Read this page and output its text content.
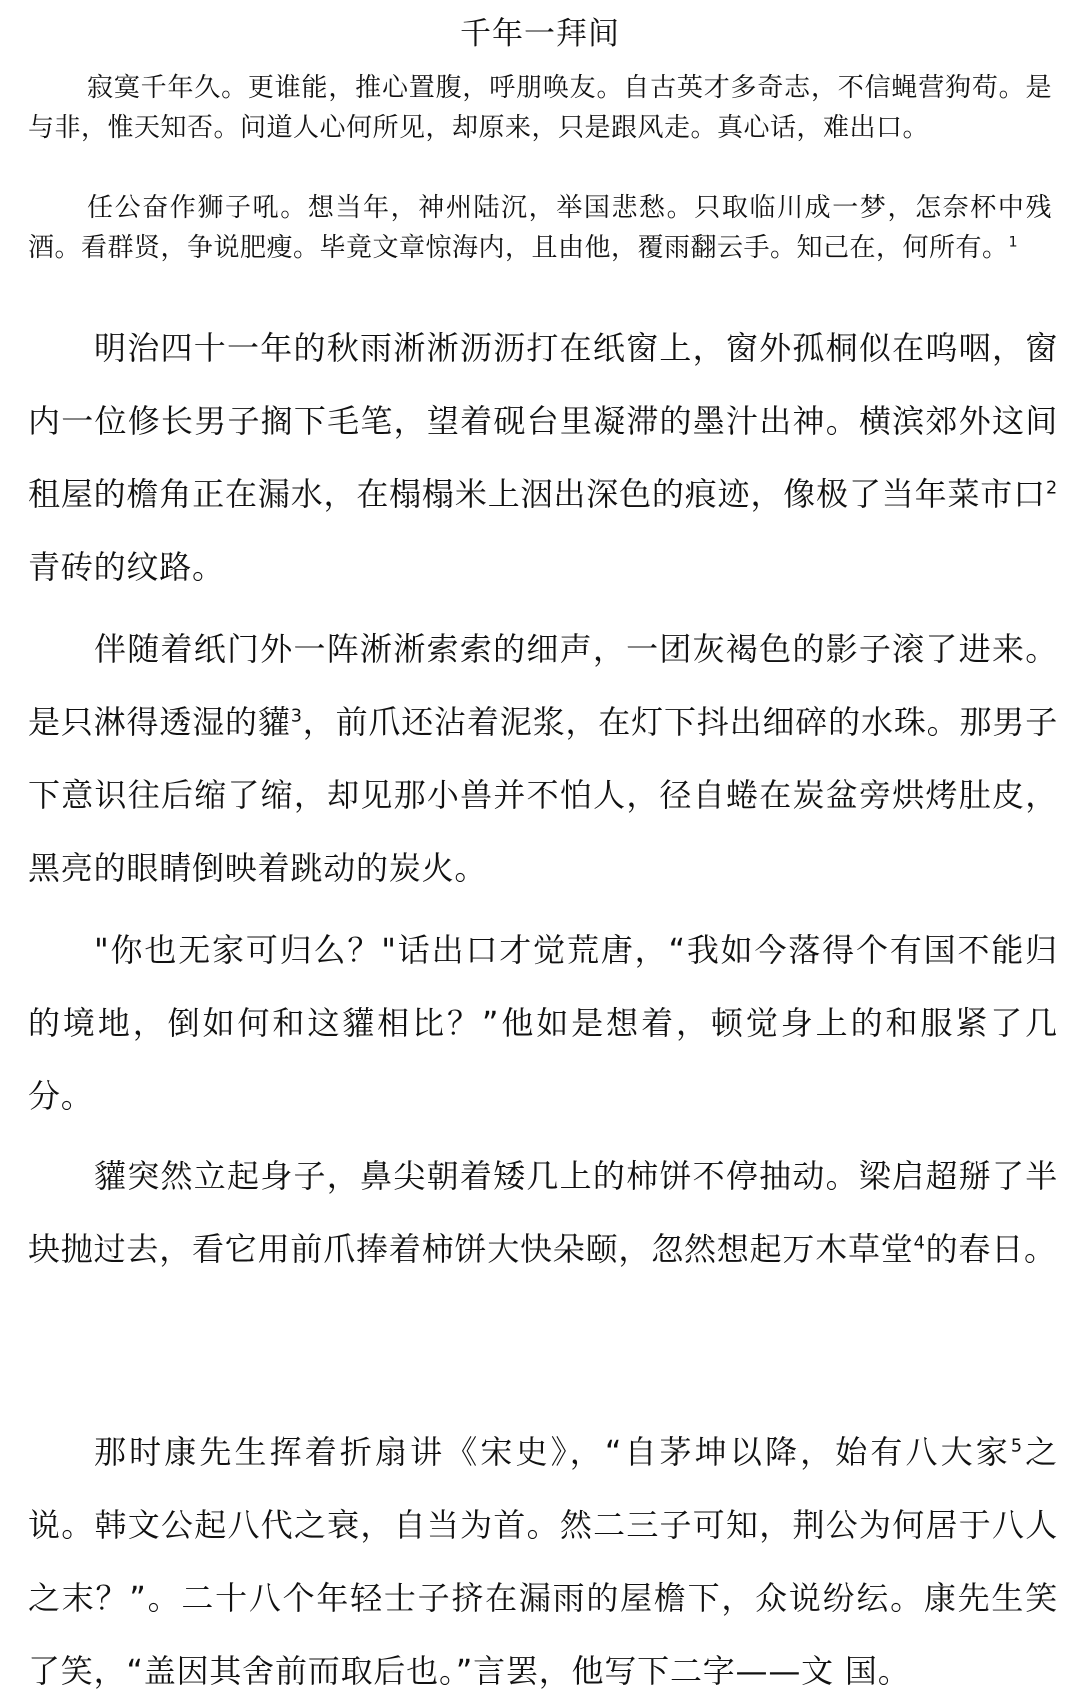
千年一拜间

寂寞千年久。更谁能，推心置腹，呼朋唤友。自古英才多奇志，不信蝇营狗苟。是与非，惟天知否。问道人心何所见，却原来，只是跟风走。真心话，难出口。

任公奋作狮子吼。想当年，神州陆沉，举国悲愁。只取临川成一梦，怎奈杯中残酒。看群贤，争说肥瘦。毕竟文章惊海内，且由他，覆雨翻云手。知己在，何所有。$^1$

明治四十一年的秋雨淅淅沥沥打在纸窗上，窗外孤桐似在呜咽，窗内一位修长男子搁下毛笔，望着砚台里凝滞的墨汁出神。横滨郊外这间租屋的檐角正在漏水，在榻榻米上洇出深色的痕迹，像极了当年菜市口$^2$青砖的纹路。

伴随着纸门外一阵淅淅索索的细声，一团灰褐色的影子滚了进来。是只淋得透湿的貛$^3$，前爪还沾着泥浆，在灯下抖出细碎的水珠。那男子下意识往后缩了缩，却见那小兽并不怕人，径自蜷在炭盆旁烘烤肚皮，黑亮的眼睛倒映着跳动的炭火。

"你也无家可归么？"话出口才觉荒唐，“我如今落得个有国不能归的境地，倒如何和这貛相比？”他如是想着，顿觉身上的和服紧了几分。

貛突然立起身子，鼻尖朝着矮几上的柿饼不停抽动。梁启超掰了半块抛过去，看它用前爪捧着柿饼大快朵颐，忽然想起万木草堂$^4$的春日。

那时康先生挥着折扇讲《宋史》，“自茅坤以降，始有八大家$^5$之说。韩文公起八代之衰，自当为首。然二三子可知，荆公为何居于八人之末？”。二十八个年轻士子挤在漏雨的屋檐下，众说纷纭。康先生笑了笑，“盖因其舍前而取后也。”言罢，他写下二字——文 国。
